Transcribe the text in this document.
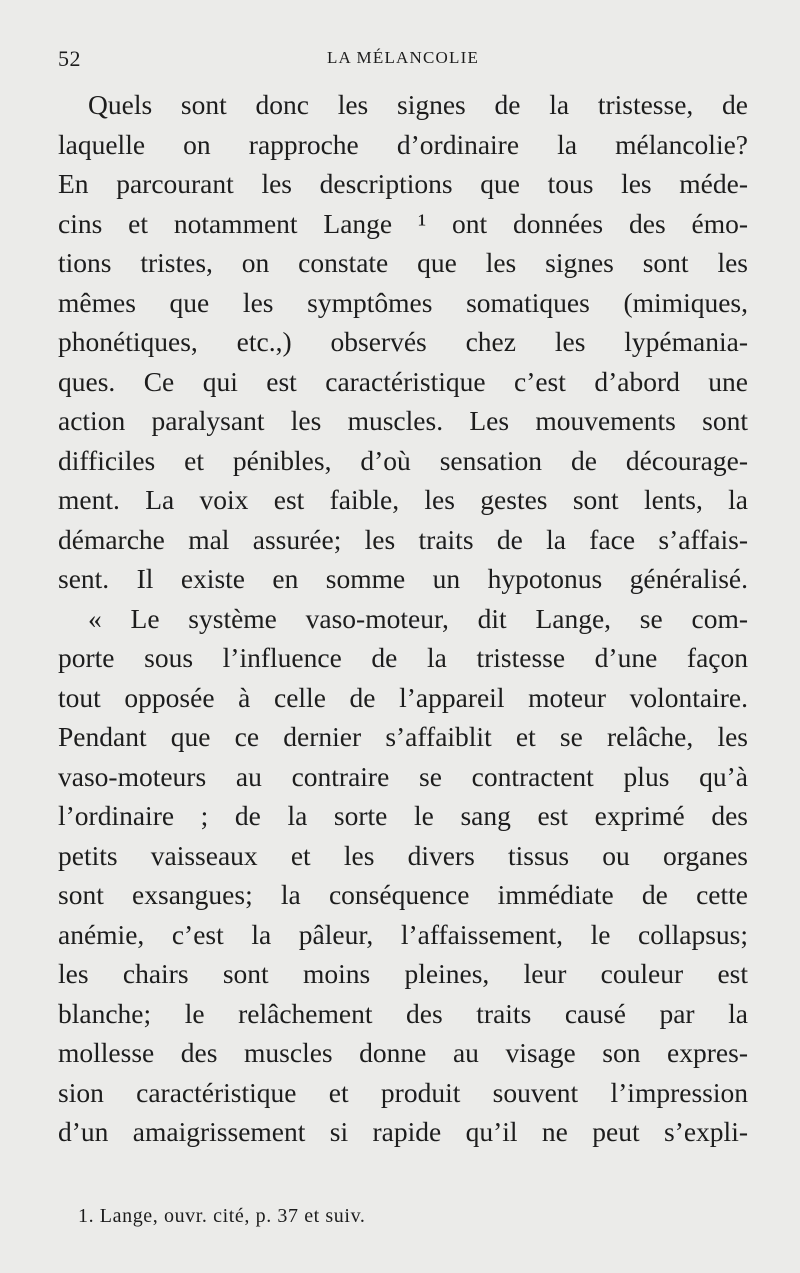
52	LA MÉLANCOLIE
Quels sont donc les signes de la tristesse, de
laquelle on rapproche d’ordinaire la mélancolie?
En parcourant les descriptions que tous les méde-
cins et notamment Lange ¹ ont données des émo-
tions tristes, on constate que les signes sont les
mêmes que les symptômes somatiques (mimiques,
phonétiques, etc.,) observés chez les lypémania-
ques. Ce qui est caractéristique c’est d’abord une
action paralysant les muscles. Les mouvements sont
difficiles et pénibles, d’où sensation de décourage-
ment. La voix est faible, les gestes sont lents, la
démarche mal assurée; les traits de la face s’affais-
sent. Il existe en somme un hypotonus généralisé.
« Le système vaso-moteur, dit Lange, se com-
porte sous l’influence de la tristesse d’une façon
tout opposée à celle de l’appareil moteur volontaire.
Pendant que ce dernier s’affaiblit et se relâche, les
vaso-moteurs au contraire se contractent plus qu’à
l’ordinaire ; de la sorte le sang est exprimé des
petits vaisseaux et les divers tissus ou organes
sont exsangues; la conséquence immédiate de cette
anémie, c’est la pâleur, l’affaissement, le collapsus;
les chairs sont moins pleines, leur couleur est
blanche; le relâchement des traits causé par la
mollesse des muscles donne au visage son expres-
sion caractéristique et produit souvent l’impression
d’un amaigrissement si rapide qu’il ne peut s’expli-
1. Lange, ouvr. cité, p. 37 et suiv.
